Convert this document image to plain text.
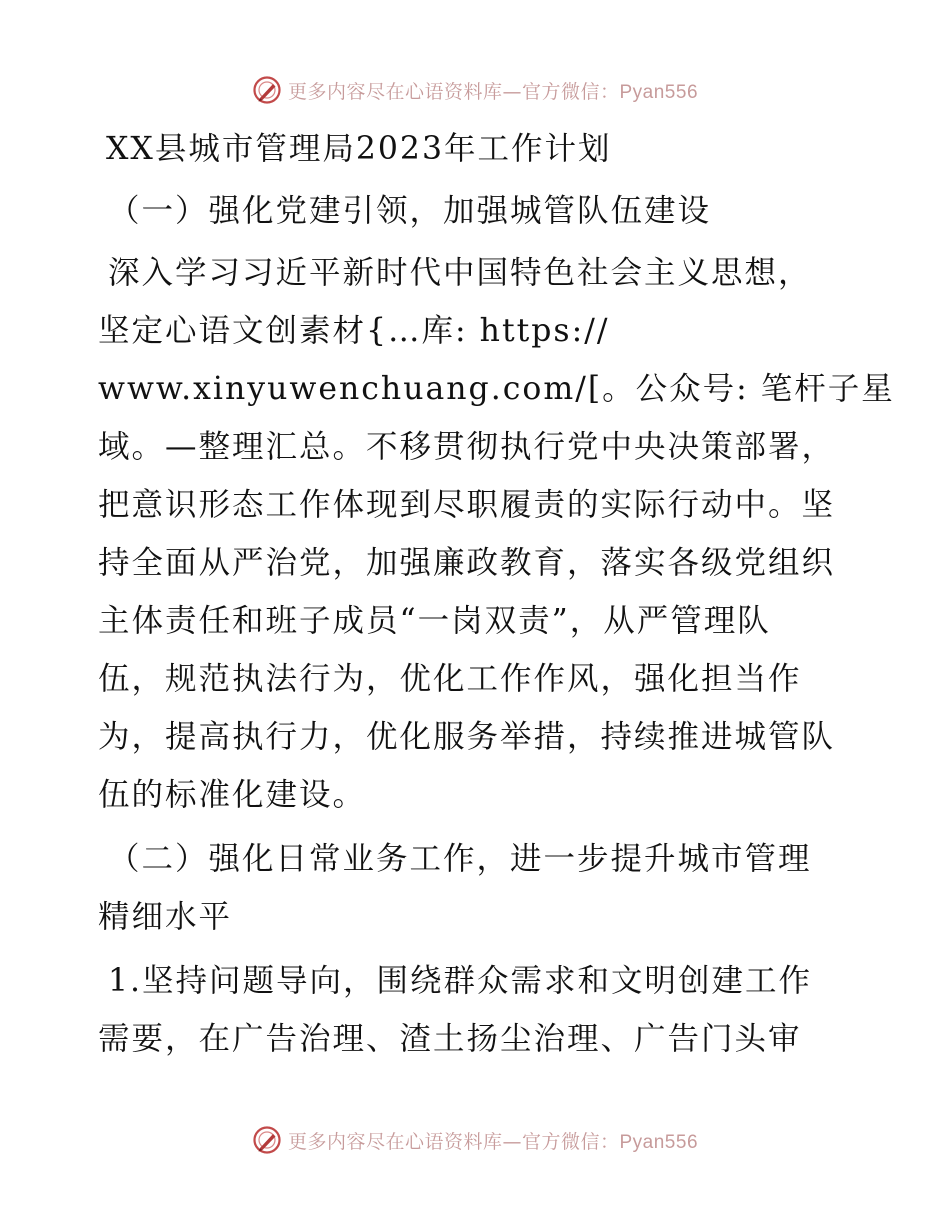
更多内容尽在心语资料库—官方微信：Pyan556
XX县城市管理局2023年工作计划
（一）强化党建引领，加强城管队伍建设
深入学习习近平新时代中国特色社会主义思想，
坚定心语文创素材{…库: https://
www.xinyuwenchuang.com/[。公众号: 笔杆子星
域。—整理汇总。不移贯彻执行党中央决策部署，
把意识形态工作体现到尽职履责的实际行动中。坚
持全面从严治党，加强廉政教育，落实各级党组织
主体责任和班子成员“一岗双责”，从严管理队
伍，规范执法行为，优化工作作风，强化担当作
为，提高执行力，优化服务举措，持续推进城管队
伍的标准化建设。
（二）强化日常业务工作，进一步提升城市管理
精细水平
1.坚持问题导向，围绕群众需求和文明创建工作
需要，在广告治理、渣土扬尘治理、广告门头审
更多内容尽在心语资料库—官方微信：Pyan556
